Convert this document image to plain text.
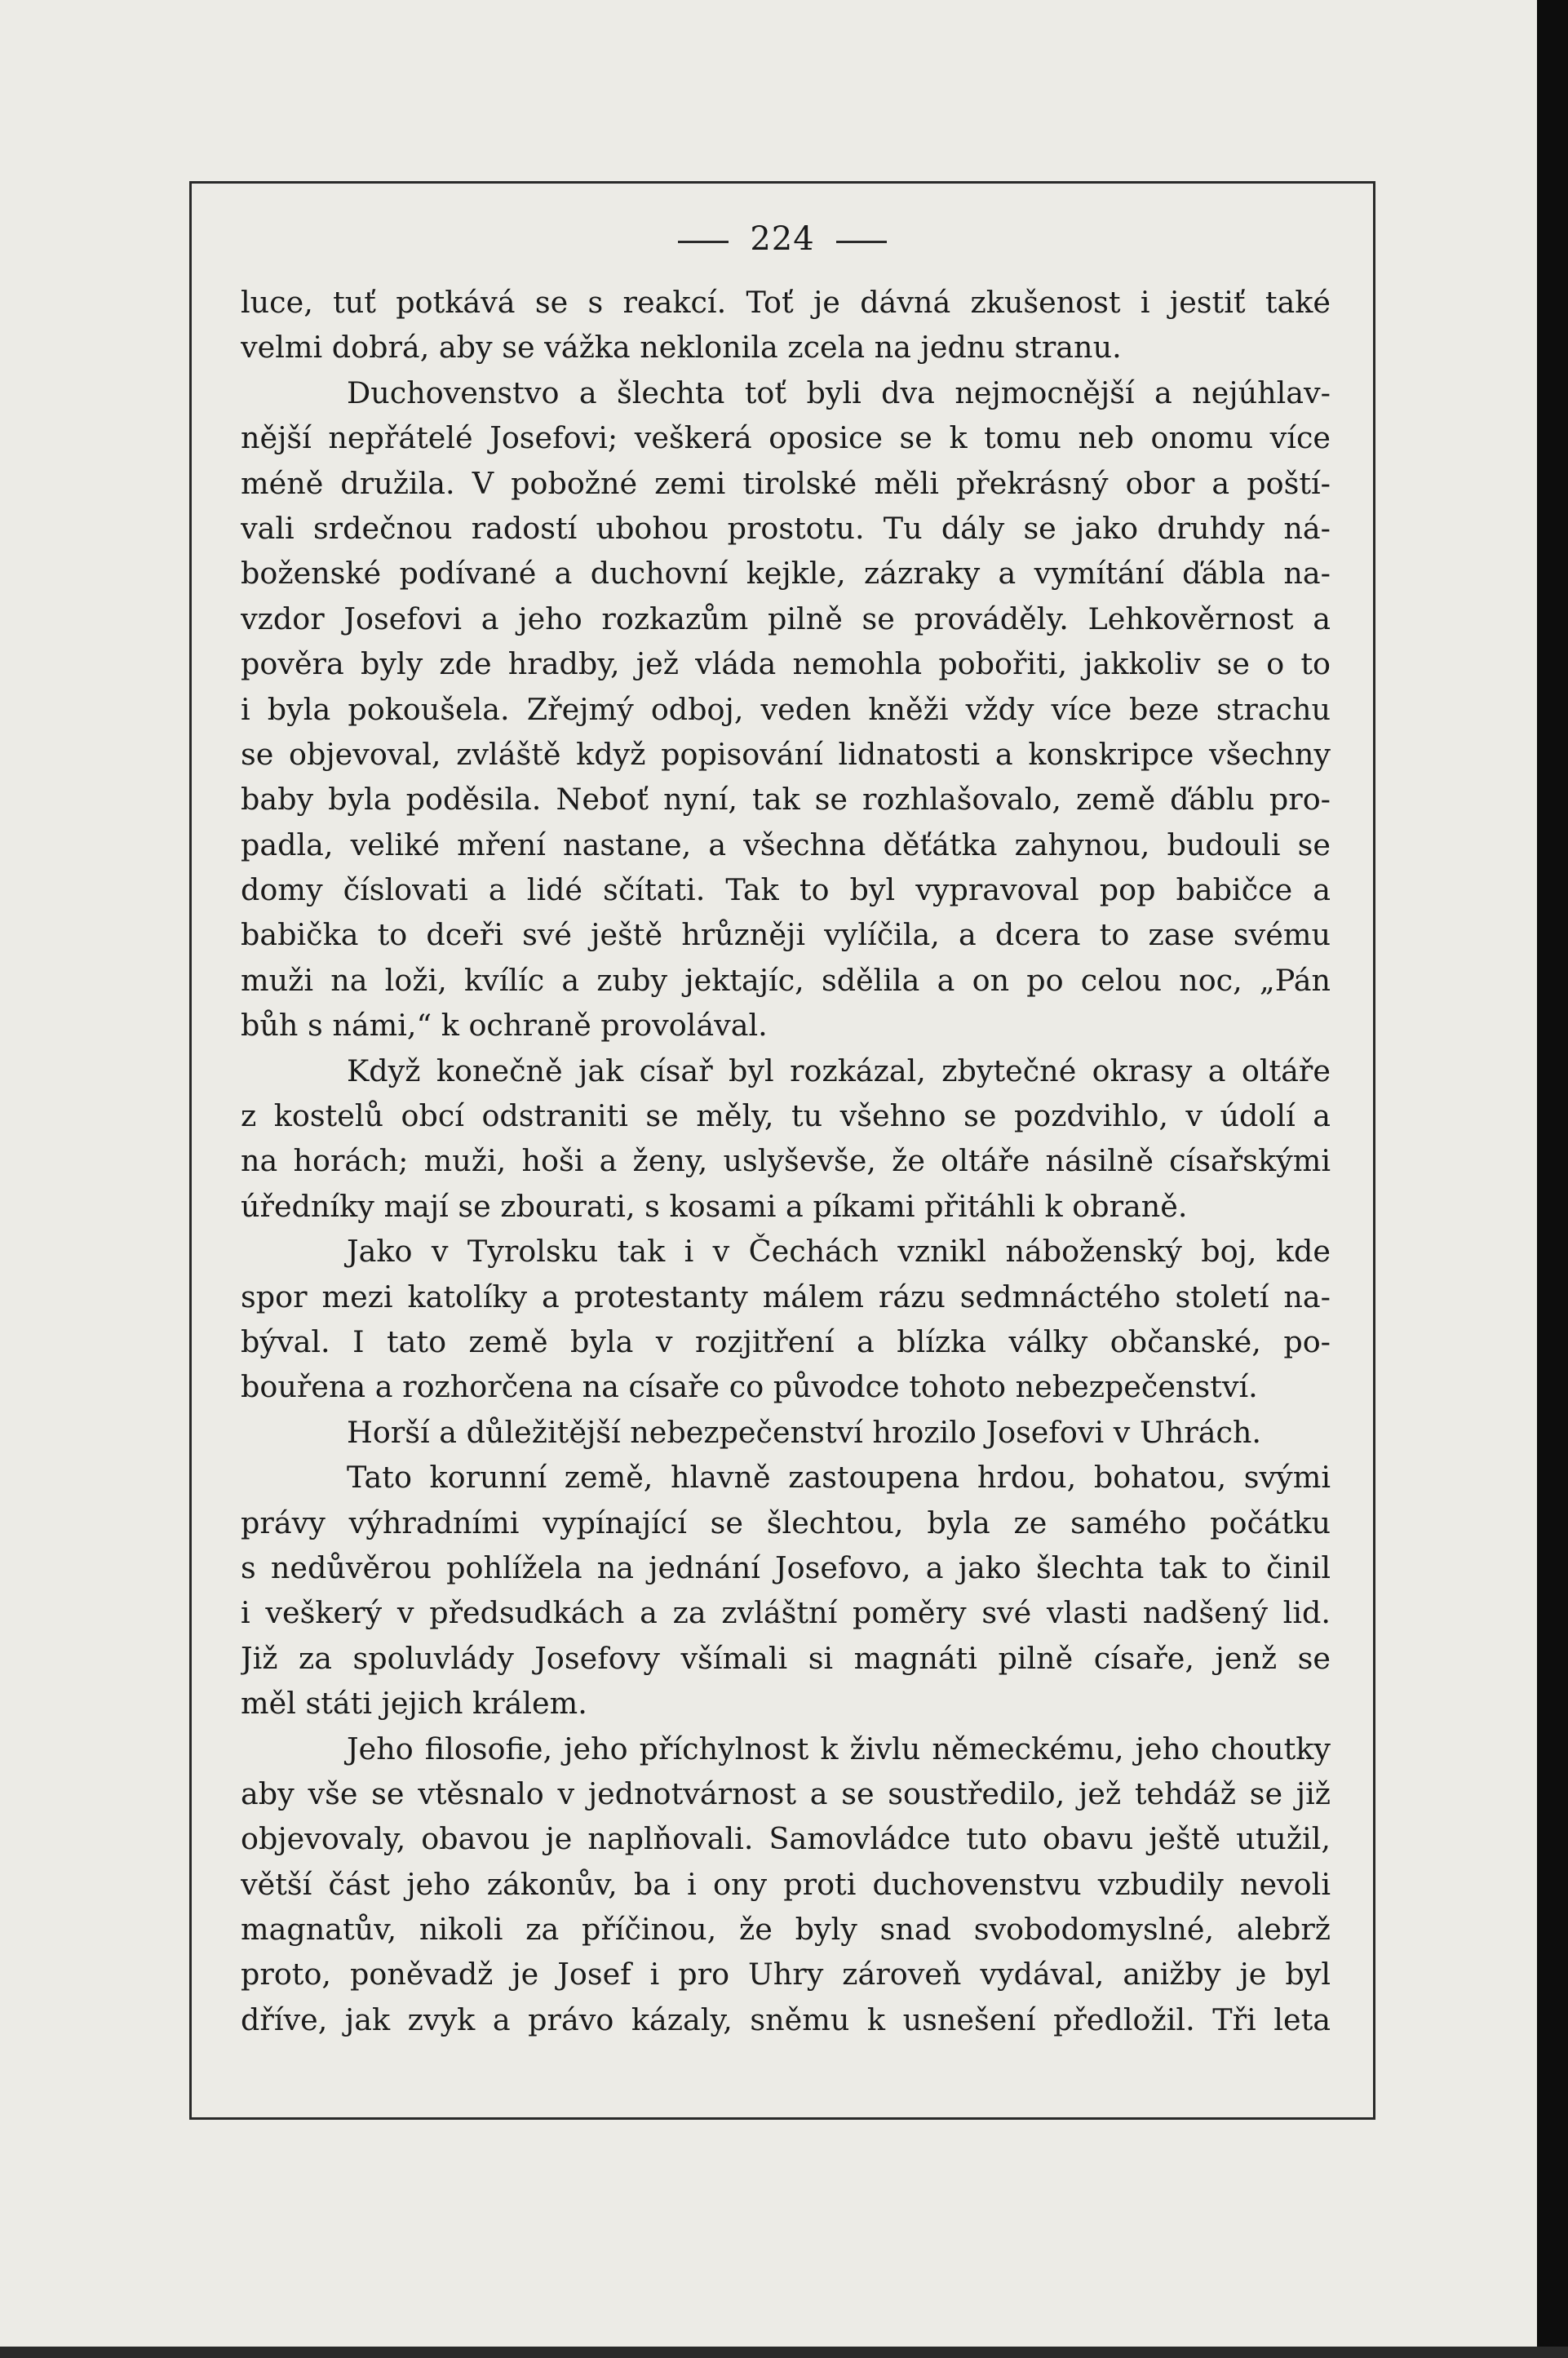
224
luce, tuť potkává se s reakcí. Toť je dávná zkušenost i jestiť také
velmi dobrá, aby se vážka neklonila zcela na jednu stranu.
Duchovenstvo a šlechta toť byli dva nejmocnější a nejúhlav-
nější nepřátelé Josefovi; veškerá oposice se k tomu neb onomu více
méně družila. V pobožné zemi tirolské měli překrásný obor a poští-
vali srdečnou radostí ubohou prostotu. Tu dály se jako druhdy ná-
boženské podívané a duchovní kejkle, zázraky a vymítání ďábla na-
vzdor Josefovi a jeho rozkazům pilně se prováděly. Lehkověrnost a
pověra byly zde hradby, jež vláda nemohla pobořiti, jakkoliv se o to
i byla pokoušela. Zřejmý odboj, veden kněži vždy více beze strachu
se objevoval, zvláště když popisování lidnatosti a konskripce všechny
baby byla poděsila. Neboť nyní, tak se rozhlašovalo, země ďáblu pro-
padla, veliké mření nastane, a všechna děťátka zahynou, budouli se
domy číslovati a lidé sčítati. Tak to byl vypravoval pop babičce a
babička to dceři své ještě hrůzněji vylíčila, a dcera to zase svému
muži na loži, kvílíc a zuby jektajíc, sdělila a on po celou noc, „Pán
bůh s námi,“ k ochraně provolával.
Když konečně jak císař byl rozkázal, zbytečné okrasy a oltáře
z kostelů obcí odstraniti se měly, tu všehno se pozdvihlo, v údolí a
na horách; muži, hoši a ženy, uslyševše, že oltáře násilně císařskými
úředníky mají se zbourati, s kosami a píkami přitáhli k obraně.
Jako v Tyrolsku tak i v Čechách vznikl náboženský boj, kde
spor mezi katolíky a protestanty málem rázu sedmnáctého století na-
býval. I tato země byla v rozjitření a blízka války občanské, po-
bouřena a rozhorčena na císaře co původce tohoto nebezpečenství.
Horší a důležitější nebezpečenství hrozilo Josefovi v Uhrách.
Tato korunní země, hlavně zastoupena hrdou, bohatou, svými
právy výhradními vypínající se šlechtou, byla ze samého počátku
s nedůvěrou pohlížela na jednání Josefovo, a jako šlechta tak to činil
i veškerý v předsudkách a za zvláštní poměry své vlasti nadšený lid.
Již za spoluvlády Josefovy všímali si magnáti pilně císaře, jenž se
měl státi jejich králem.
Jeho filosofie, jeho příchylnost k živlu německému, jeho choutky
aby vše se vtěsnalo v jednotvárnost a se soustředilo, jež tehdáž se již
objevovaly, obavou je naplňovali. Samovládce tuto obavu ještě utužil,
větší část jeho zákonův, ba i ony proti duchovenstvu vzbudily nevoli
magnatův, nikoli za příčinou, že byly snad svobodomyslné, alebrž
proto, poněvadž je Josef i pro Uhry zároveň vydával, anižby je byl
dříve, jak zvyk a právo kázaly, sněmu k usnešení předložil. Tři leta
